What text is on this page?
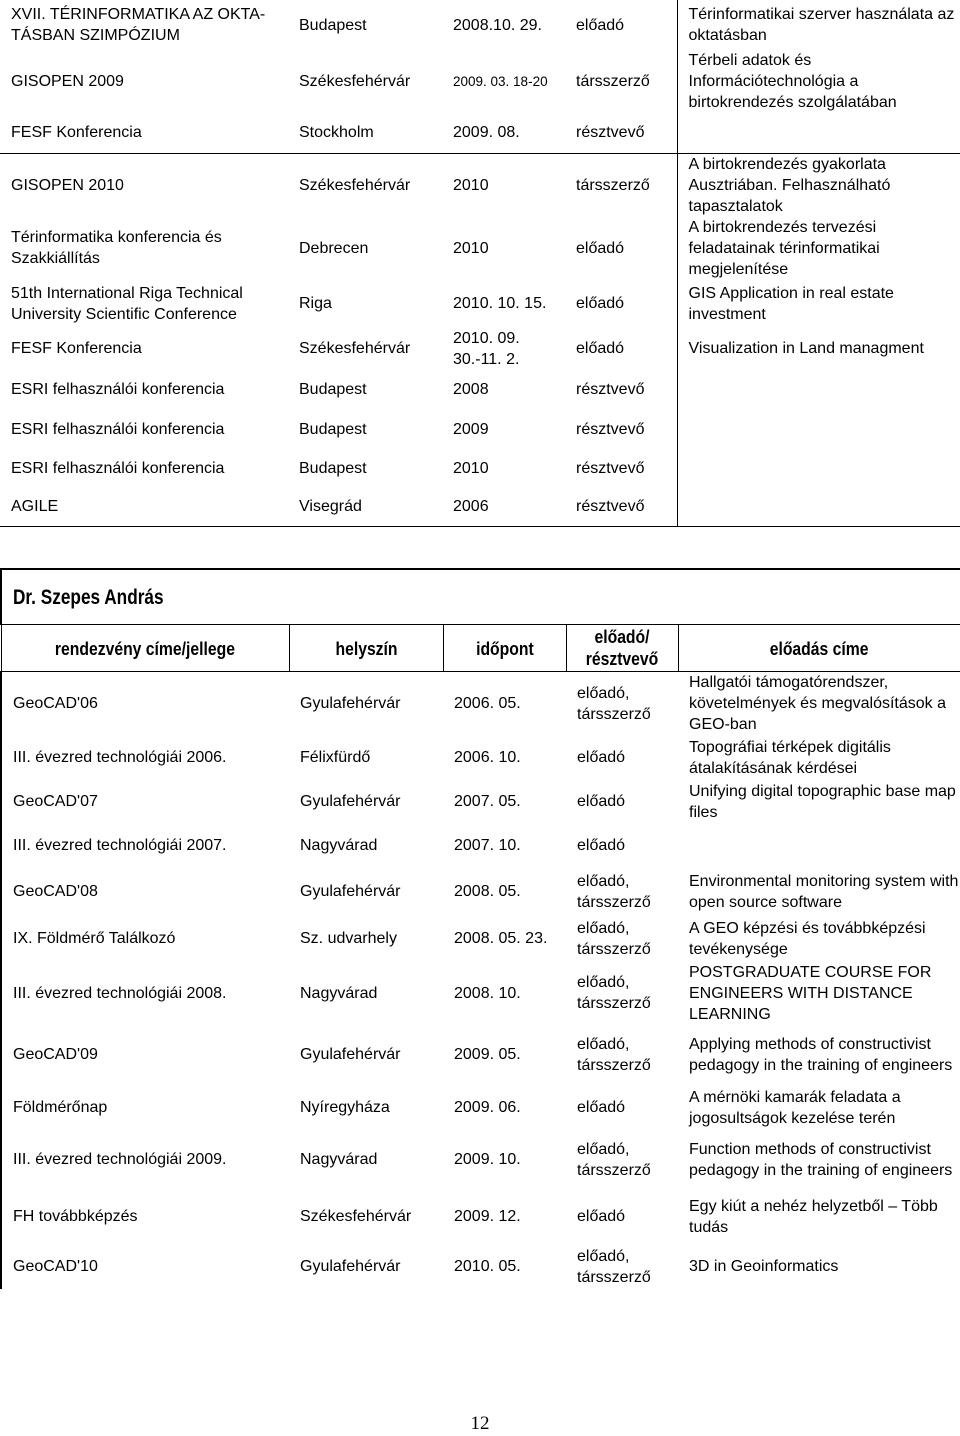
XVII. TÉRINFORMATIKA AZ OKTA-TÁSBAN SZIMPÓZIUM	Budapest	2008.10. 29.	előadó	Térinformatikai szerver használata az oktatásban

GISOPEN 2009	Székesfehérvár	2009. 03. 18-20	társszerző	Térbeli adatok és Információtechnológia a birtokrendezés szolgálatában

FESF Konferencia	Stockholm	2009. 08.	résztvevő	

GISOPEN 2010	Székesfehérvár	2010	társszerző	A birtokrendezés gyakorlata Ausztriában. Felhasználható tapasztalatok

Térinformatika konferencia és Szakkiállítás	Debrecen	2010	előadó	A birtokrendezés tervezési feladatainak térinformatikai megjelenítése

51th International Riga Technical University Scientific Conference	Riga	2010. 10. 15.	előadó	GIS Application in real estate investment

FESF Konferencia	Székesfehérvár	2010. 09. 30.-11. 2.	előadó	Visualization in Land managment

ESRI felhasználói konferencia	Budapest	2008	résztvevő	

ESRI felhasználói konferencia	Budapest	2009	résztvevő	

ESRI felhasználói konferencia	Budapest	2010	résztvevő	

AGILE	Visegrád	2006	résztvevő	

Dr. Szepes András				
rendezvény címe/jellege	helyszín	időpont	előadó/ résztvevő	előadás címe

GeoCAD'06	Gyulafehérvár	2006. 05.	előadó, társszerző	Hallgatói támogatórendszer, követelmények és megvalósítások a GEO-ban

III. évezred technológiái 2006.	Félixfürdő	2006. 10.	előadó	Topográfiai térképek digitális átalakításának kérdései

GeoCAD'07	Gyulafehérvár	2007. 05.	előadó	Unifying digital topographic base map files

III. évezred technológiái 2007.	Nagyvárad	2007. 10.	előadó	

GeoCAD'08	Gyulafehérvár	2008. 05.	előadó, társszerző	Environmental monitoring system with open source software

IX. Földmérő Találkozó	Sz. udvarhely	2008. 05. 23.	előadó, társszerző	A GEO képzési és továbbképzési tevékenysége

III. évezred technológiái 2008.	Nagyvárad	2008. 10.	előadó, társszerző	POSTGRADUATE COURSE FOR ENGINEERS WITH DISTANCE LEARNING

GeoCAD'09	Gyulafehérvár	2009. 05.	előadó, társszerző	Applying methods of constructivist pedagogy in the training of engineers

Földmérőnap	Nyíregyháza	2009. 06.	előadó	A mérnöki kamarák feladata a jogosultságok kezelése terén

III. évezred technológiái 2009.	Nagyvárad	2009. 10.	előadó, társszerző	Function methods of constructivist pedagogy in the training of engineers

FH továbbképzés	Székesfehérvár	2009. 12.	előadó	Egy kiút a nehéz helyzetből – Több tudás

GeoCAD'10	Gyulafehérvár	2010. 05.	előadó, társszerző	3D in Geoinformatics
12
